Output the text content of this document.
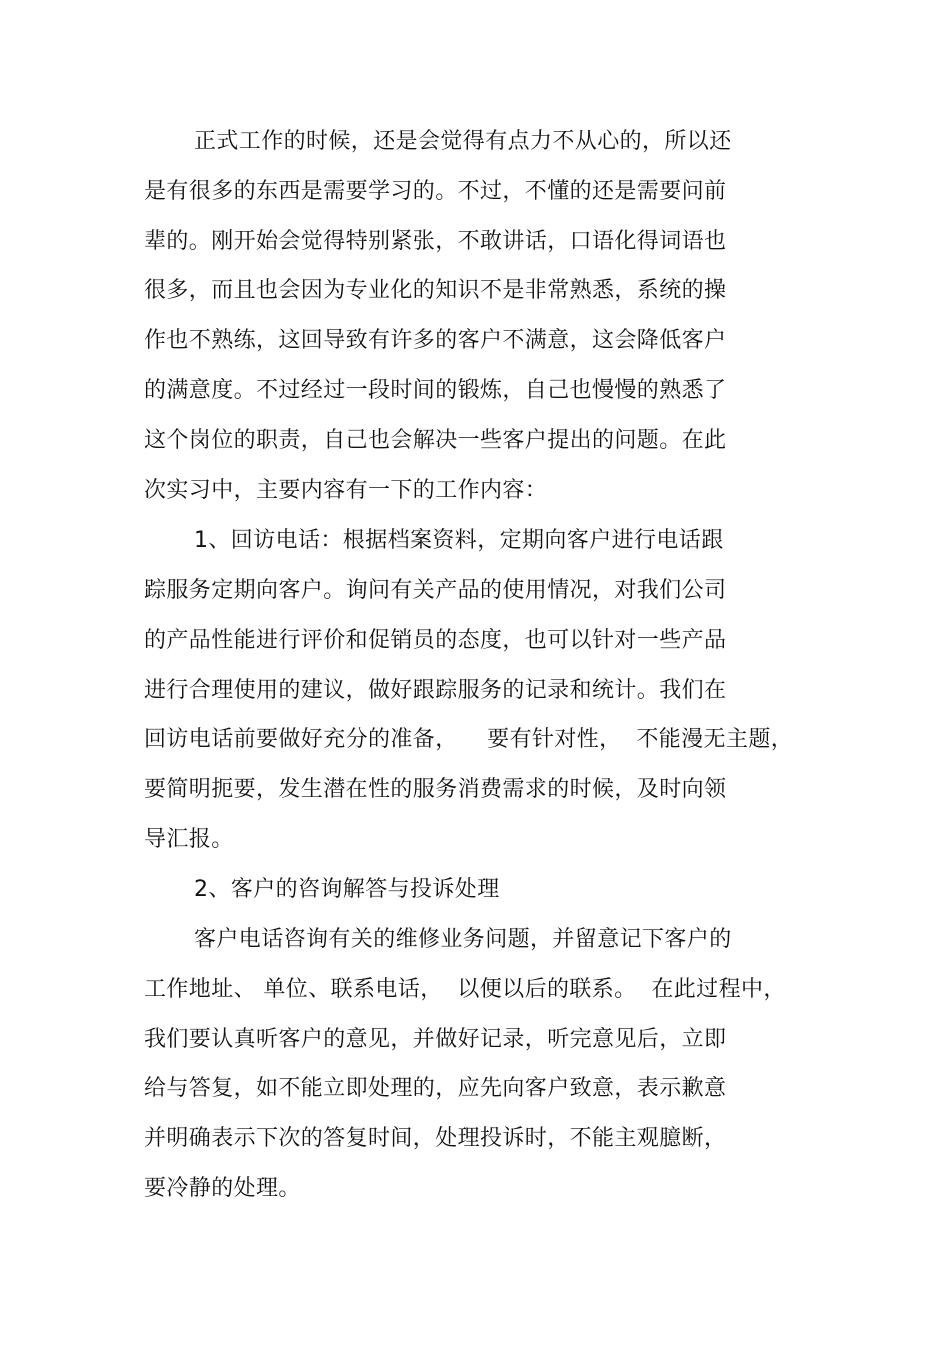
正式工作的时候，还是会觉得有点力不从心的，所以还
是有很多的东西是需要学习的。不过，不懂的还是需要问前
辈的。刚开始会觉得特别紧张，不敢讲话，口语化得词语也
很多，而且也会因为专业化的知识不是非常熟悉，系统的操
作也不熟练，这回导致有许多的客户不满意，这会降低客户
的满意度。不过经过一段时间的锻炼，自己也慢慢的熟悉了
这个岗位的职责，自己也会解决一些客户提出的问题。在此
次实习中，主要内容有一下的工作内容：
1、回访电话：根据档案资料，定期向客户进行电话跟
踪服务定期向客户。询问有关产品的使用情况，对我们公司
的产品性能进行评价和促销员的态度，也可以针对一些产品
进行合理使用的建议，做好跟踪服务的记录和统计。我们在
回访电话前要做好充分的准备，    要有针对性，  不能漫无主题，
要简明扼要，发生潜在性的服务消费需求的时候，及时向领
导汇报。
2、客户的咨询解答与投诉处理
客户电话咨询有关的维修业务问题，并留意记下客户的
工作地址、 单位、联系电话，  以便以后的联系。  在此过程中，
我们要认真听客户的意见，并做好记录，听完意见后，立即
给与答复，如不能立即处理的，应先向客户致意，表示歉意
并明确表示下次的答复时间，处理投诉时，不能主观臆断，
要冷静的处理。
